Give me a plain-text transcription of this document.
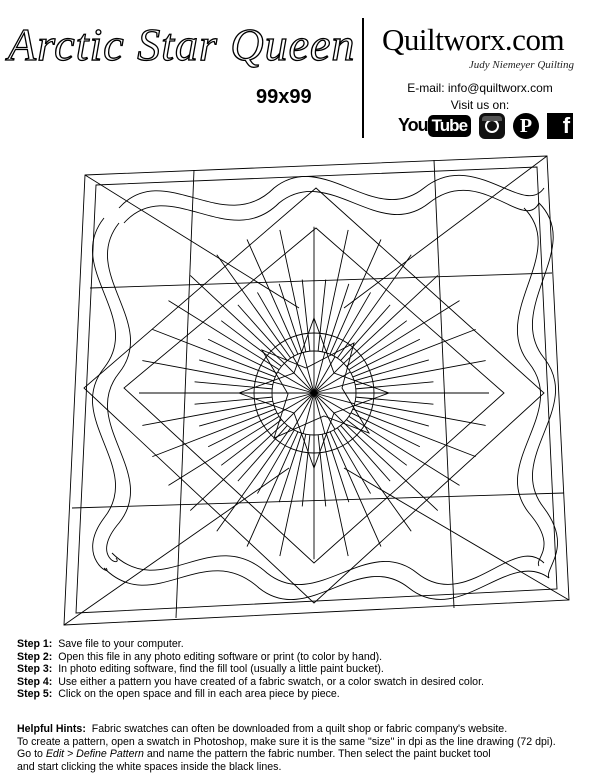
Arctic Star Queen
99x99
Quiltworx.com
Judy Niemeyer Quilting
E-mail: info@quiltworx.com
Visit us on:
You Tube	P	f
Step 1: Save file to your computer.
Step 2: Open this file in any photo editing software or print (to color by hand).
Step 3: In photo editing software, find the fill tool (usually a little paint bucket).
Step 4: Use either a pattern you have created of a fabric swatch, or a color swatch in desired color.
Step 5: Click on the open space and fill in each area piece by piece.

Helpful Hints: Fabric swatches can often be downloaded from a quilt shop or fabric company's website.

To create a pattern, open a swatch in Photoshop, make sure it is the same "size" in dpi as the line drawing (72 dpi).

Go to Edit > Define Pattern and name the pattern the fabric number. Then select the paint bucket tool

and start clicking the white spaces inside the black lines.
